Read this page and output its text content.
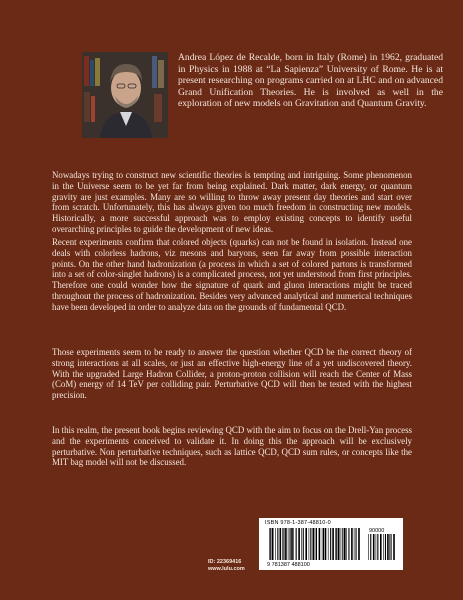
Andrea López de Recalde, born in Italy (Rome) in 1962, graduated in Physics in 1988 at “La Sapienza” University of Rome. He is at present researching on programs carried on at LHC and on advanced Grand Unification Theories. He is involved as well in the exploration of new models on Gravitation and Quantum Gravity.
Nowadays trying to construct new scientific theories is tempting and intriguing. Some phenomenon in the Universe seem to be yet far from being explained. Dark matter, dark energy, or quantum gravity are just examples. Many are so willing to throw away present day theories and start over from scratch. Unfortunately, this has always given too much freedom in constructing new models. Historically, a more successful approach was to employ existing concepts to identify useful overarching principles to guide the development of new ideas.
Recent experiments confirm that colored objects (quarks) can not be found in isolation. Instead one deals with colorless hadrons, viz mesons and baryons, seen far away from possible interaction points. On the other hand hadronization (a process in which a set of colored partons is transformed into a set of color-singlet hadrons) is a complicated process, not yet understood from first principles. Therefore one could wonder how the signature of quark and gluon interactions might be traced throughout the process of hadronization. Besides very advanced analytical and numerical techniques have been developed in order to analyze data on the grounds of fundamental QCD.
Those experiments seem to be ready to answer the question whether QCD be the correct theory of strong interactions at all scales, or just an effective high-energy line of a yet undiscovered theory. With the upgraded Large Hadron Collider, a proton-proton collision will reach the Center of Mass (CoM) energy of 14 TeV per colliding pair. Perturbative QCD will then be tested with the highest precision.
In this realm, the present book begins reviewing QCD with the aim to focus on the Drell-Yan process and the experiments conceived to validate it. In doing this the approach will be exclusively perturbative. Non perturbative techniques, such as lattice QCD, QCD sum rules, or concepts like the MIT bag model will not be discussed.
ID: 22369416
www.lulu.com
ISBN 978-1-387-48810-0
9 781387 488100
90000
